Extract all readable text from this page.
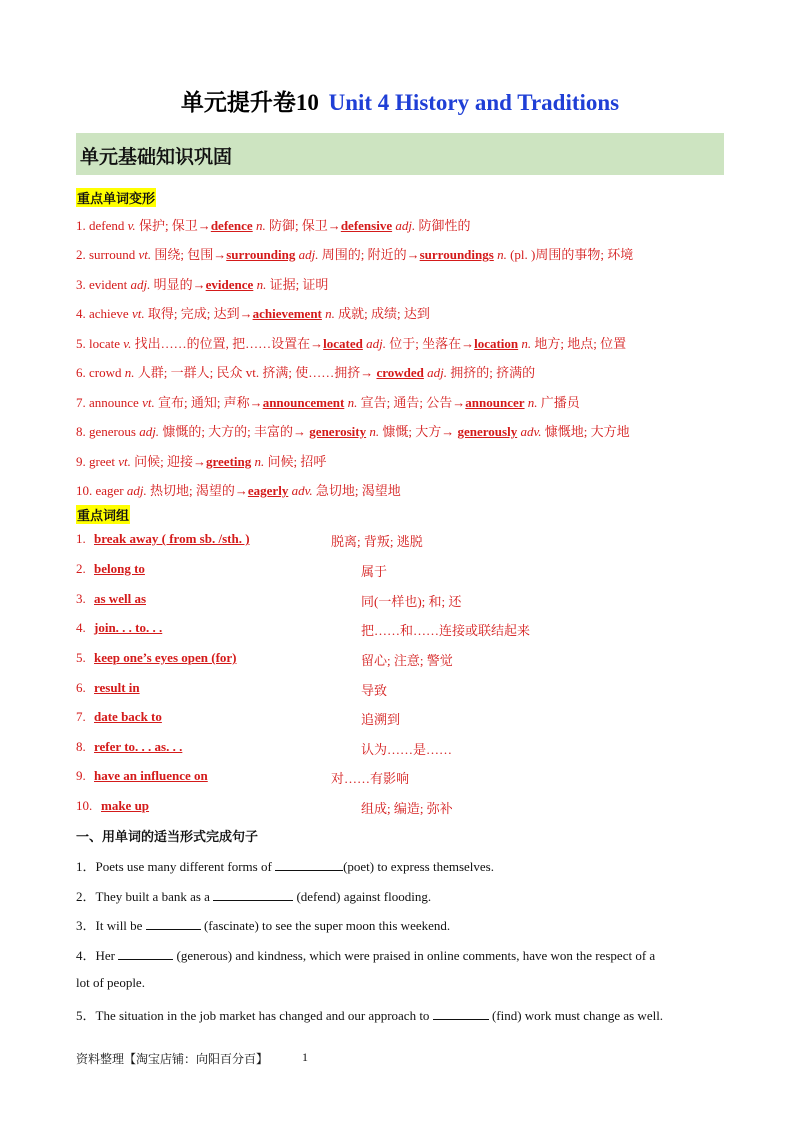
单元提升卷10 Unit 4 History and Traditions
单元基础知识巩固
重点单词变形
1. defend v. 保护; 保卫→defence n. 防御; 保卫→defensive adj. 防御性的
2. surround vt. 围绕; 包围→surrounding adj. 周围的; 附近的→surroundings n. (pl. )周围的事物; 环境
3. evident adj. 明显的→evidence n. 证据; 证明
4. achieve vt. 取得; 完成; 达到→achievement n. 成就; 成绩; 达到
5. locate v. 找出……的位置, 把……设置在→located adj. 位于; 坐落在→location n. 地方; 地点; 位置
6. crowd n. 人群; 一群人; 民众 vt. 挤满; 使……拥挤→ crowded adj. 拥挤的; 挤满的
7. announce vt. 宣布; 通知; 声称→announcement n. 宣告; 通告; 公告→announcer n. 广播员
8. generous adj. 慷慨的; 大方的; 丰富的→ generosity n. 慷慨; 大方→ generously adv. 慷慨地; 大方地
9. greet vt. 问候; 迎接→greeting n. 问候; 招呼
10. eager adj. 热切地; 渴望的→eagerly adv. 急切地; 渴望地
重点词组
1. break away ( from sb. /sth. )	脱离; 背叛; 逃脱
2. belong to	属于
3. as well as	同(一样也); 和; 还
4. join. . . to. . .	把……和……连接或联结起来
5. keep one’s eyes open (for)	留心; 注意; 警觉
6. result in	导致
7. date back to	追溯到
8. refer to. . . as. . .	认为……是……
9. have an influence on	对……有影响
10. make up	组成; 编造; 弥补
一、用单词的适当形式完成句子
1．Poets use many different forms of	(poet) to express themselves.
2．They built a bank as a	(defend) against flooding.
3．It will be	(fascinate) to see the super moon this weekend.
4．Her	(generous) and kindness, which were praised in online comments, have won the respect of a
lot of people.
5．The situation in the job market has changed and our approach to	(find) work must change as well.
资料整理【淘宝店铺：向阳百分百】	1
